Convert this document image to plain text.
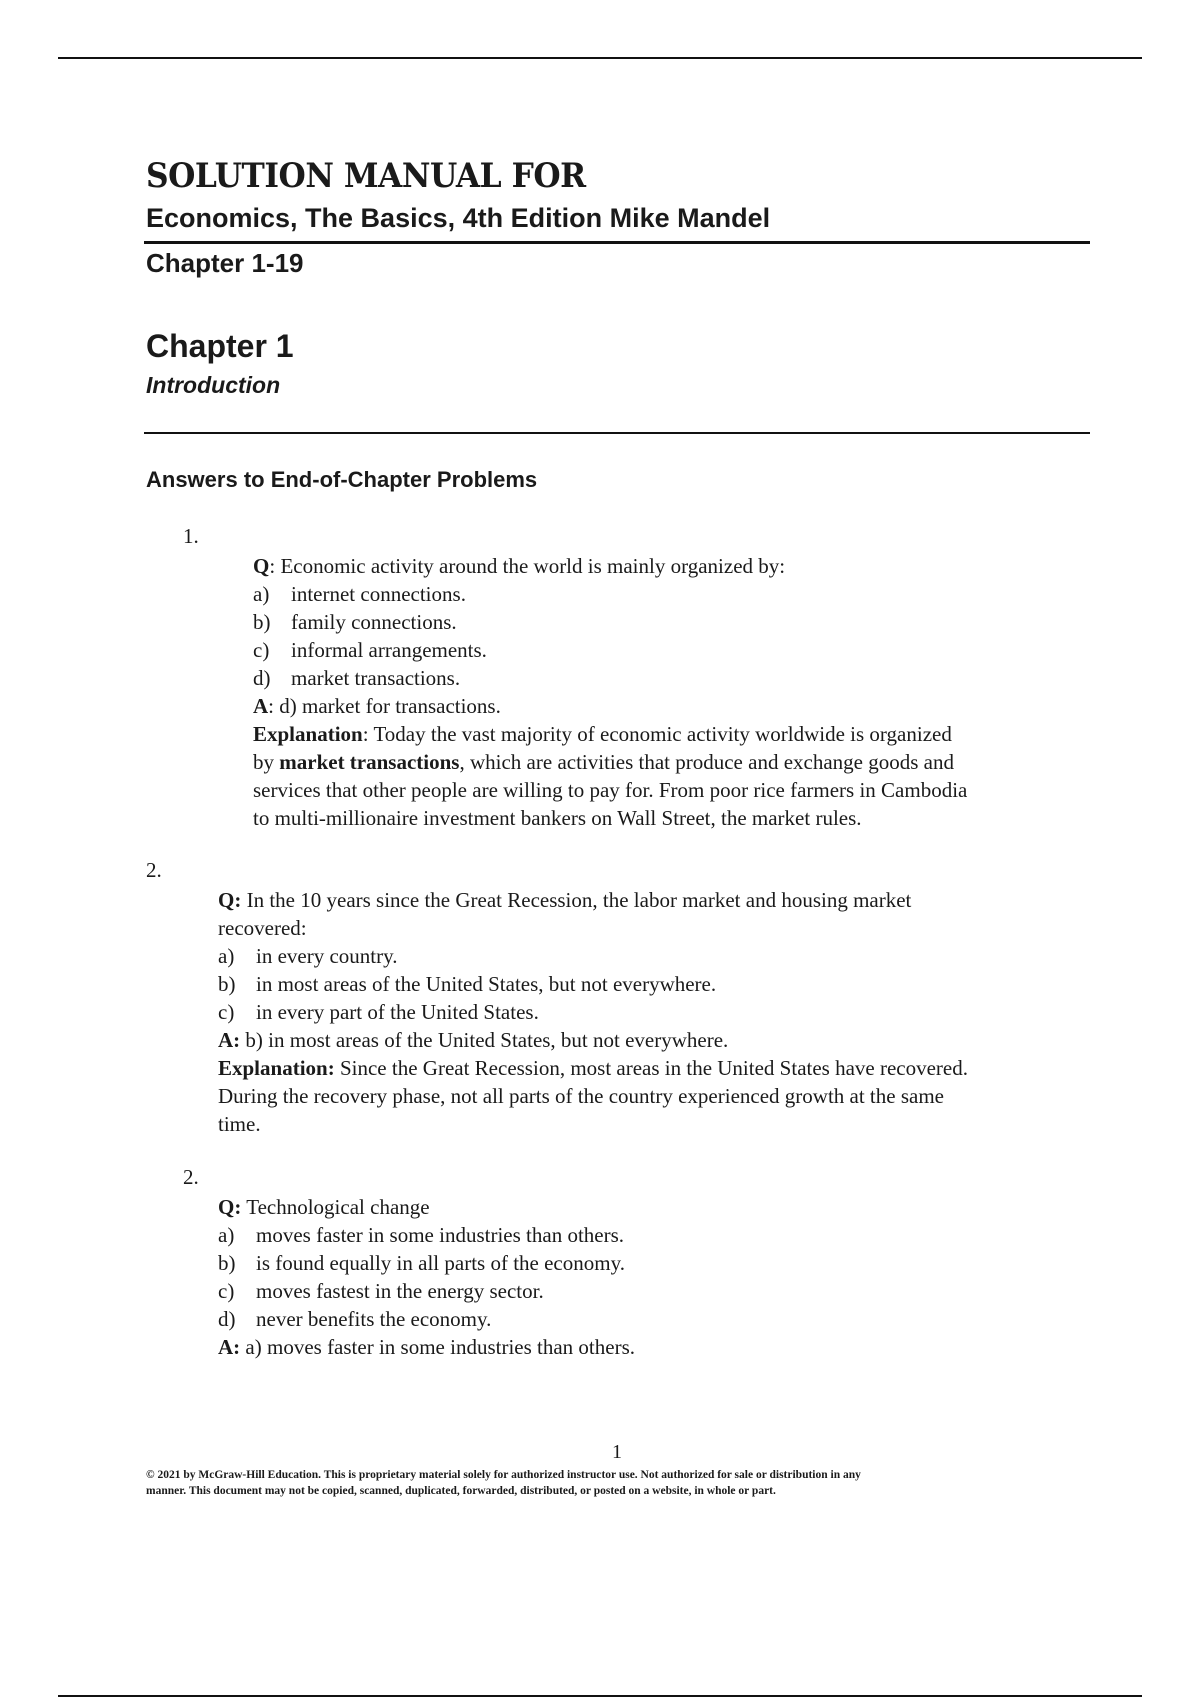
SOLUTION MANUAL FOR
Economics, The Basics, 4th Edition Mike Mandel
Chapter 1-19
Chapter 1
Introduction
Answers to End-of-Chapter Problems
1.
Q: Economic activity around the world is mainly organized by:
a)	internet connections.
b) family connections.
c)	informal arrangements.
d) market transactions.
A: d) market for transactions.
Explanation: Today the vast majority of economic activity worldwide is organized
by market transactions, which are activities that produce and exchange goods and
services that other people are willing to pay for. From poor rice farmers in Cambodia
to multi-millionaire investment bankers on Wall Street, the market rules.
2.
Q: In the 10 years since the Great Recession, the labor market and housing market
recovered:
a)	in every country.
b) in most areas of the United States, but not everywhere.
c)	in every part of the United States.
A: b) in most areas of the United States, but not everywhere.
Explanation: Since the Great Recession, most areas in the United States have recovered.
During the recovery phase, not all parts of the country experienced growth at the same
time.
2.
Q: Technological change
a)	moves faster in some industries than others.
b) is found equally in all parts of the economy.
c)	moves fastest in the energy sector.
d) never benefits the economy.
A: a) moves faster in some industries than others.
1
© 2021 by McGraw-Hill Education. This is proprietary material solely for authorized instructor use. Not authorized for sale or distribution in any
manner. This document may not be copied, scanned, duplicated, forwarded, distributed, or posted on a website, in whole or part.
